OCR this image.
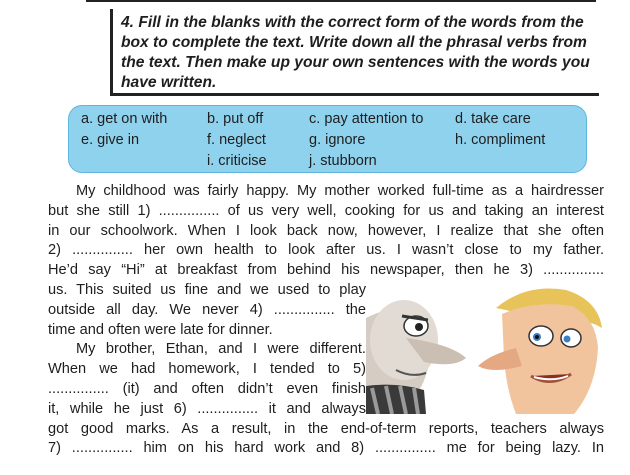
4. Fill in the blanks with the correct form of the words from the box to complete the text. Write down all the phrasal verbs from the text. Then make up your own sentences with the words you have written.

a. get on with	b. put off	c. pay attention to d. take care
e. give in	f. neglect	g. ignore	h. compliment
i. criticise	j. stubborn
My childhood was fairly happy. My mother worked full-time as a hairdresser
but she still 1) ............... of us very well, cooking for us and taking an interest
in our schoolwork. When I look back now, however, I realize that she often
2) ............... her own health to look after us. I wasn’t close to my father.
He’d say “Hi” at breakfast from behind his newspaper, then he 3) ...............
us. This suited us fine and we used to play
outside all day. We never 4) ............... the
time and often were late for dinner.
My brother, Ethan, and I were different.
When we had homework, I tended to 5)
............... (it) and often didn’t even finish
it, while he just 6) ............... it and always
got good marks. As a result, in the end-of-term reports, teachers always
7) ............... him on his hard work and 8) ............... me for being lazy. In
